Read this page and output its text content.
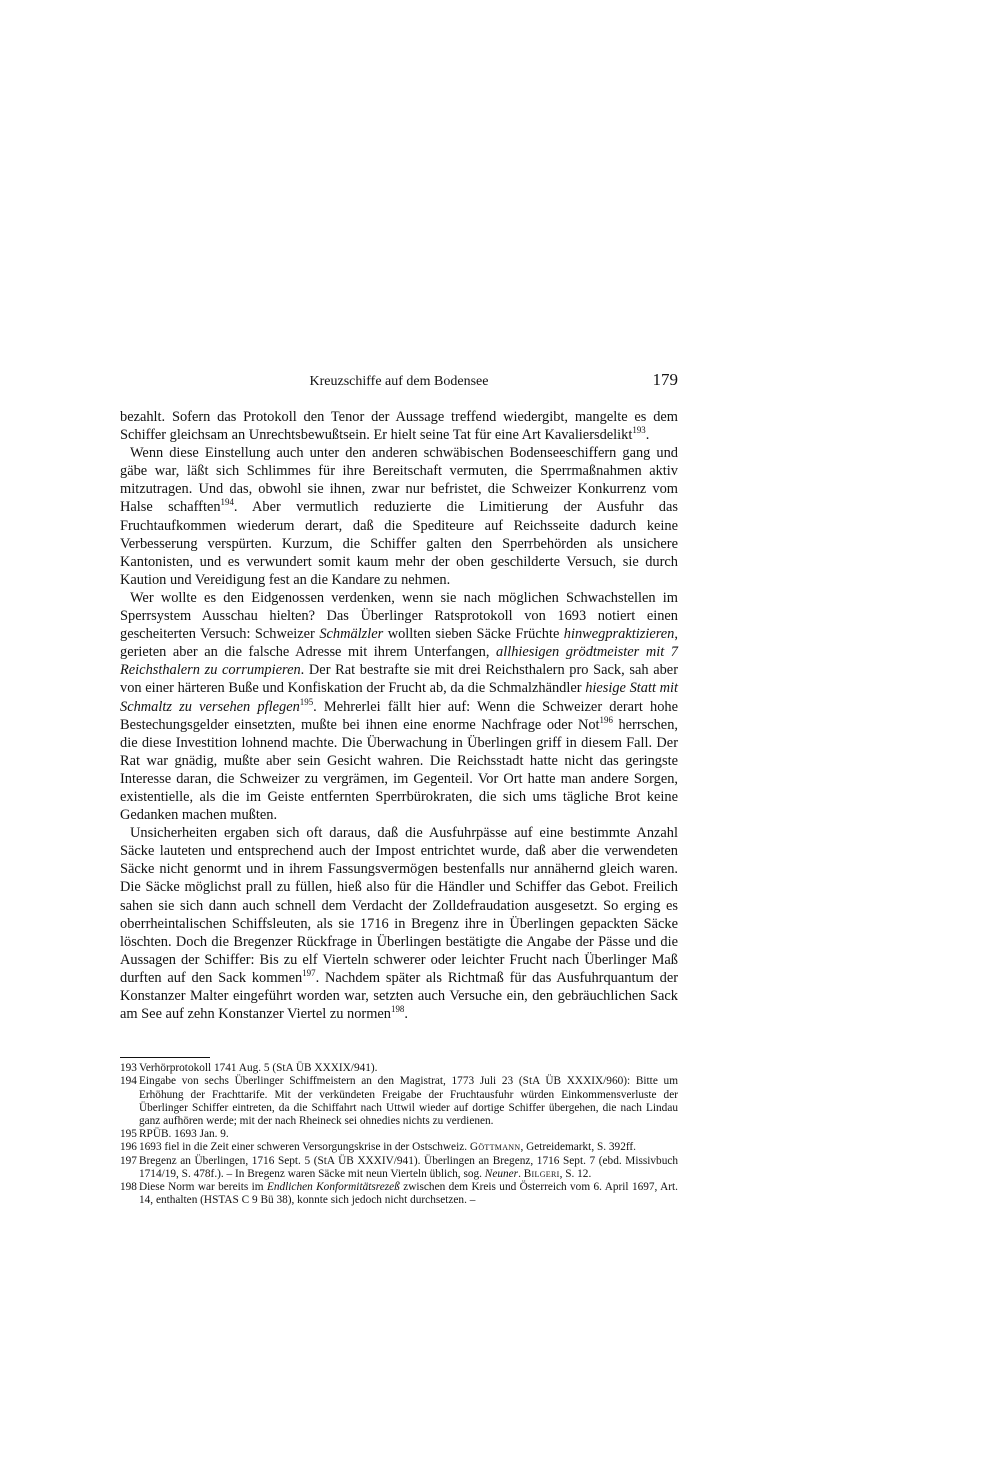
Kreuzschiffe auf dem Bodensee	179

bezahlt. Sofern das Protokoll den Tenor der Aussage treffend wiedergibt, mangelte es dem Schiffer gleichsam an Unrechtsbewußtsein. Er hielt seine Tat für eine Art Kavaliersdelikt$^{193}$.

Wenn diese Einstellung auch unter den anderen schwäbischen Bodenseeschiffern gang und gäbe war, läßt sich Schlimmes für ihre Bereitschaft vermuten, die Sperrmaßnahmen aktiv mitzutragen. Und das, obwohl sie ihnen, zwar nur befristet, die Schweizer Konkurrenz vom Halse schafften$^{194}$. Aber vermutlich reduzierte die Limitierung der Ausfuhr das Fruchtaufkommen wiederum derart, daß die Spediteure auf Reichsseite dadurch keine Verbesserung verspürten. Kurzum, die Schiffer galten den Sperrbehörden als unsichere Kantonisten, und es verwundert somit kaum mehr der oben geschilderte Versuch, sie durch Kaution und Vereidigung fest an die Kandare zu nehmen.

Wer wollte es den Eidgenossen verdenken, wenn sie nach möglichen Schwachstellen im Sperrsystem Ausschau hielten? Das Überlinger Ratsprotokoll von 1693 notiert einen gescheiterten Versuch: Schweizer Schmälzler wollten sieben Säcke Früchte hinwegpraktizieren, gerieten aber an die falsche Adresse mit ihrem Unterfangen, allhiesigen grödtmeister mit 7 Reichsthalern zu corrumpieren. Der Rat bestrafte sie mit drei Reichsthalern pro Sack, sah aber von einer härteren Buße und Konfiskation der Frucht ab, da die Schmalzhändler hiesige Statt mit Schmaltz zu versehen pflegen$^{195}$. Mehrerlei fällt hier auf: Wenn die Schweizer derart hohe Bestechungsgelder einsetzten, mußte bei ihnen eine enorme Nachfrage oder Not$^{196}$ herrschen, die diese Investition lohnend machte. Die Überwachung in Überlingen griff in diesem Fall. Der Rat war gnädig, mußte aber sein Gesicht wahren. Die Reichsstadt hatte nicht das geringste Interesse daran, die Schweizer zu vergrämen, im Gegenteil. Vor Ort hatte man andere Sorgen, existentielle, als die im Geiste entfernten Sperrbürokraten, die sich ums tägliche Brot keine Gedanken machen mußten.

Unsicherheiten ergaben sich oft daraus, daß die Ausfuhrpässe auf eine bestimmte Anzahl Säcke lauteten und entsprechend auch der Impost entrichtet wurde, daß aber die verwendeten Säcke nicht genormt und in ihrem Fassungsvermögen bestenfalls nur annähernd gleich waren. Die Säcke möglichst prall zu füllen, hieß also für die Händler und Schiffer das Gebot. Freilich sahen sie sich dann auch schnell dem Verdacht der Zolldefraudation ausgesetzt. So erging es oberrheintalischen Schiffsleuten, als sie 1716 in Bregenz ihre in Überlingen gepackten Säcke löschten. Doch die Bregenzer Rückfrage in Überlingen bestätigte die Angabe der Pässe und die Aussagen der Schiffer: Bis zu elf Vierteln schwerer oder leichter Frucht nach Überlinger Maß durften auf den Sack kommen$^{197}$. Nachdem später als Richtmaß für das Ausfuhrquantum der Konstanzer Malter eingeführt worden war, setzten auch Versuche ein, den gebräuchlichen Sack am See auf zehn Konstanzer Viertel zu normen$^{198}$.

193 Verhörprotokoll 1741 Aug. 5 (StA ÜB XXXIX/941).

194 Eingabe von sechs Überlinger Schiffmeistern an den Magistrat, 1773 Juli 23 (StA ÜB XXXIX/960): Bitte um Erhöhung der Frachttarife. Mit der verkündeten Freigabe der Fruchtausfuhr würden Einkommensverluste der Überlinger Schiffer eintreten, da die Schiffahrt nach Uttwil wieder auf dortige Schiffer übergehen, die nach Lindau ganz aufhören werde; mit der nach Rheineck sei ohnedies nichts zu verdienen.

195 RPÜB. 1693 Jan. 9.

196 1693 fiel in die Zeit einer schweren Versorgungskrise in der Ostschweiz. Göttmann, Getreidemarkt, S. 392ff.

197 Bregenz an Überlingen, 1716 Sept. 5 (StA ÜB XXXIV/941). Überlingen an Bregenz, 1716 Sept. 7 (ebd. Missivbuch 1714/19, S. 478f.). – In Bregenz waren Säcke mit neun Vierteln üblich, sog. Neuner. Bilgeri, S. 12.

198 Diese Norm war bereits im Endlichen Konformitätsrezeß zwischen dem Kreis und Österreich vom 6. April 1697, Art. 14, enthalten (HSTAS C 9 Bü 38), konnte sich jedoch nicht durchsetzen. –
